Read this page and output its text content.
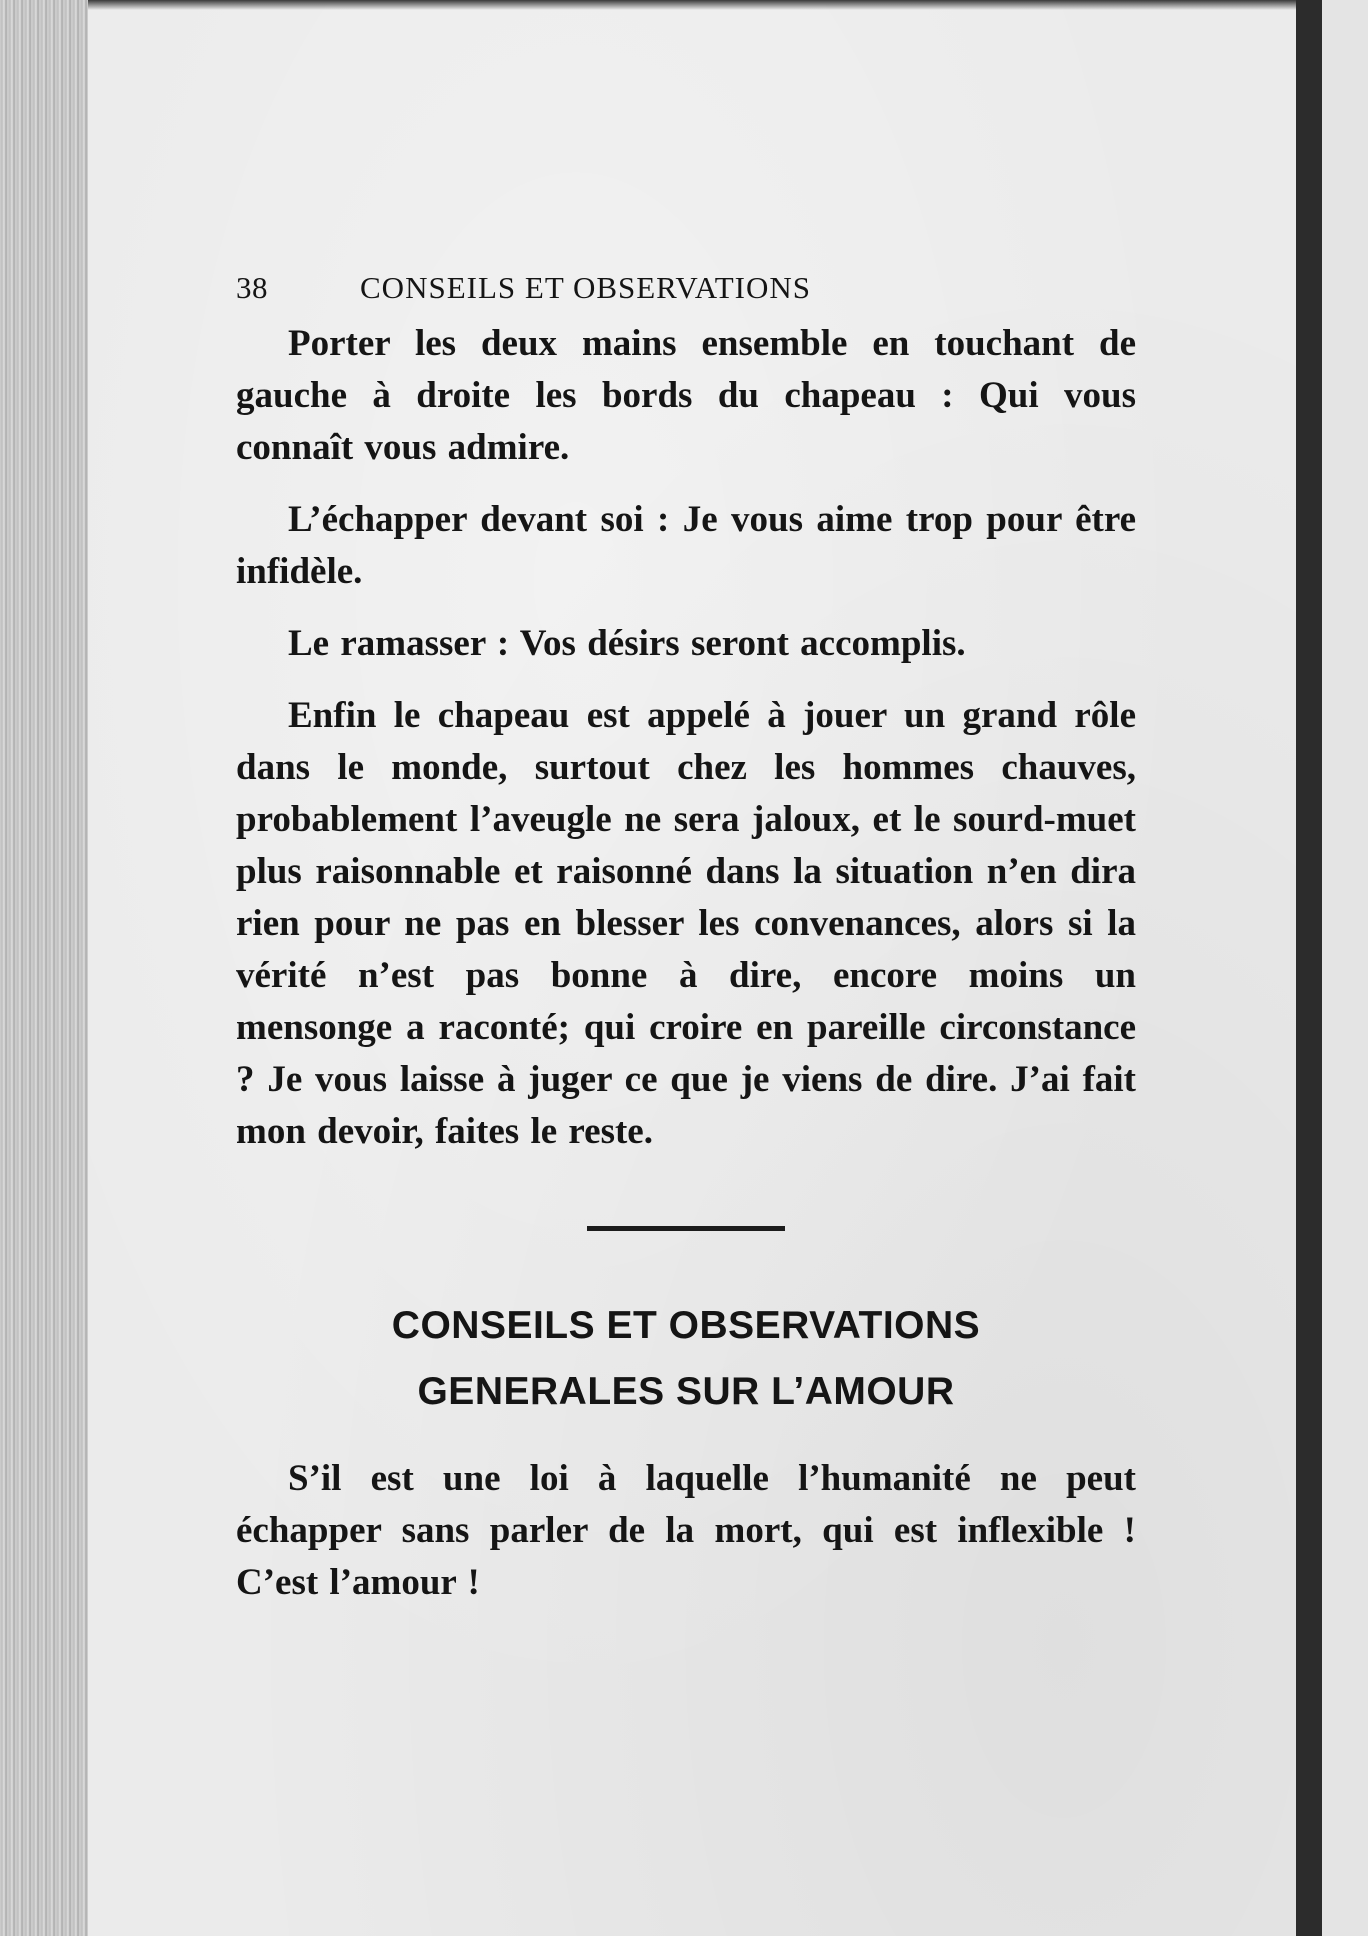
38	CONSEILS ET OBSERVATIONS

Porter les deux mains ensemble en touchant de gauche à droite les bords du chapeau : Qui vous connaît vous admire.

L’échapper devant soi : Je vous aime trop pour être infidèle.

Le ramasser : Vos désirs seront accomplis.

Enfin le chapeau est appelé à jouer un grand rôle dans le monde, surtout chez les hommes chauves, probablement l’aveugle ne sera jaloux, et le sourd-muet plus raisonnable et raisonné dans la situation n’en dira rien pour ne pas en blesser les convenances, alors si la vérité n’est pas bonne à dire, encore moins un mensonge a raconté; qui croire en pareille circonstance ? Je vous laisse à juger ce que je viens de dire. J’ai fait mon devoir, faites le reste.

CONSEILS ET OBSERVATIONS
GENERALES SUR L’AMOUR

S’il est une loi à laquelle l’humanité ne peut échapper sans parler de la mort, qui est inflexible ! C’est l’amour !
